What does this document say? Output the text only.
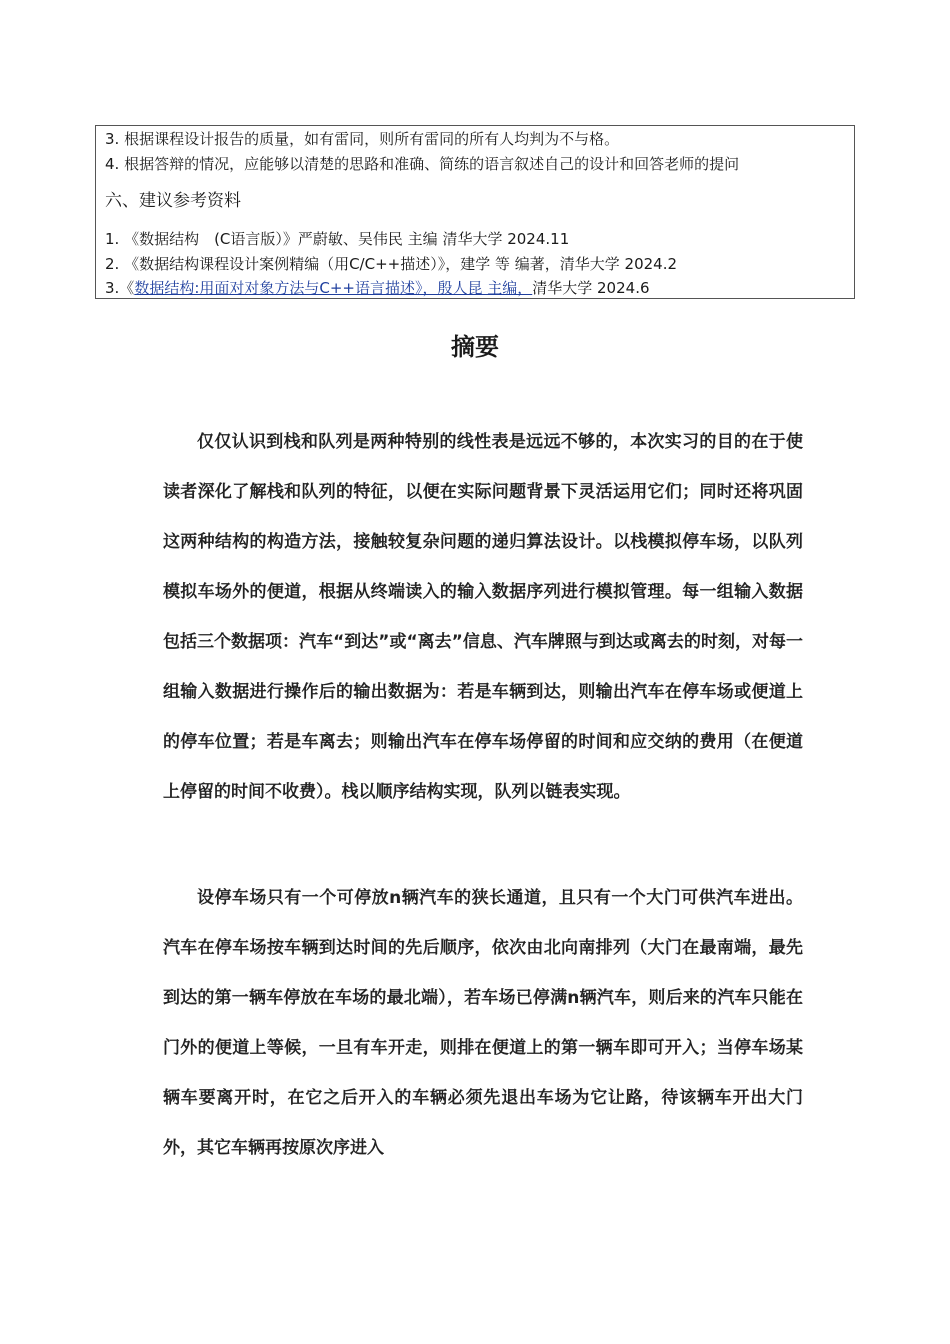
3. 根据课程设计报告的质量，如有雷同，则所有雷同的所有人均判为不与格。
4. 根据答辩的情况，应能够以清楚的思路和准确、简练的语言叙述自己的设计和回答老师的提问
六、建议参考资料
1. 《数据结构　(C语言版）》严蔚敏、吴伟民 主编 清华大学 2024.11
2. 《数据结构课程设计案例精编（用C/C++描述）》，建学 等 编著，清华大学 2024.2
3.《数据结构:用面对对象方法与C++语言描述》，殷人昆 主编，清华大学 2024.6
摘要
仅仅认识到栈和队列是两种特别的线性表是远远不够的，本次实习的目的在于使读者深化了解栈和队列的特征，以便在实际问题背景下灵活运用它们；同时还将巩固这两种结构的构造方法，接触较复杂问题的递归算法设计。以栈模拟停车场，以队列模拟车场外的便道，根据从终端读入的输入数据序列进行模拟管理。每一组输入数据包括三个数据项：汽车“到达”或“离去”信息、汽车牌照与到达或离去的时刻，对每一组输入数据进行操作后的输出数据为：若是车辆到达，则输出汽车在停车场或便道上的停车位置；若是车离去；则输出汽车在停车场停留的时间和应交纳的费用（在便道上停留的时间不收费）。栈以顺序结构实现，队列以链表实现。
设停车场只有一个可停放n辆汽车的狭长通道，且只有一个大门可供汽车进出。汽车在停车场按车辆到达时间的先后顺序，依次由北向南排列（大门在最南端，最先到达的第一辆车停放在车场的最北端），若车场已停满n辆汽车，则后来的汽车只能在门外的便道上等候，一旦有车开走，则排在便道上的第一辆车即可开入；当停车场某辆车要离开时，在它之后开入的车辆必须先退出车场为它让路，待该辆车开出大门外，其它车辆再按原次序进入
